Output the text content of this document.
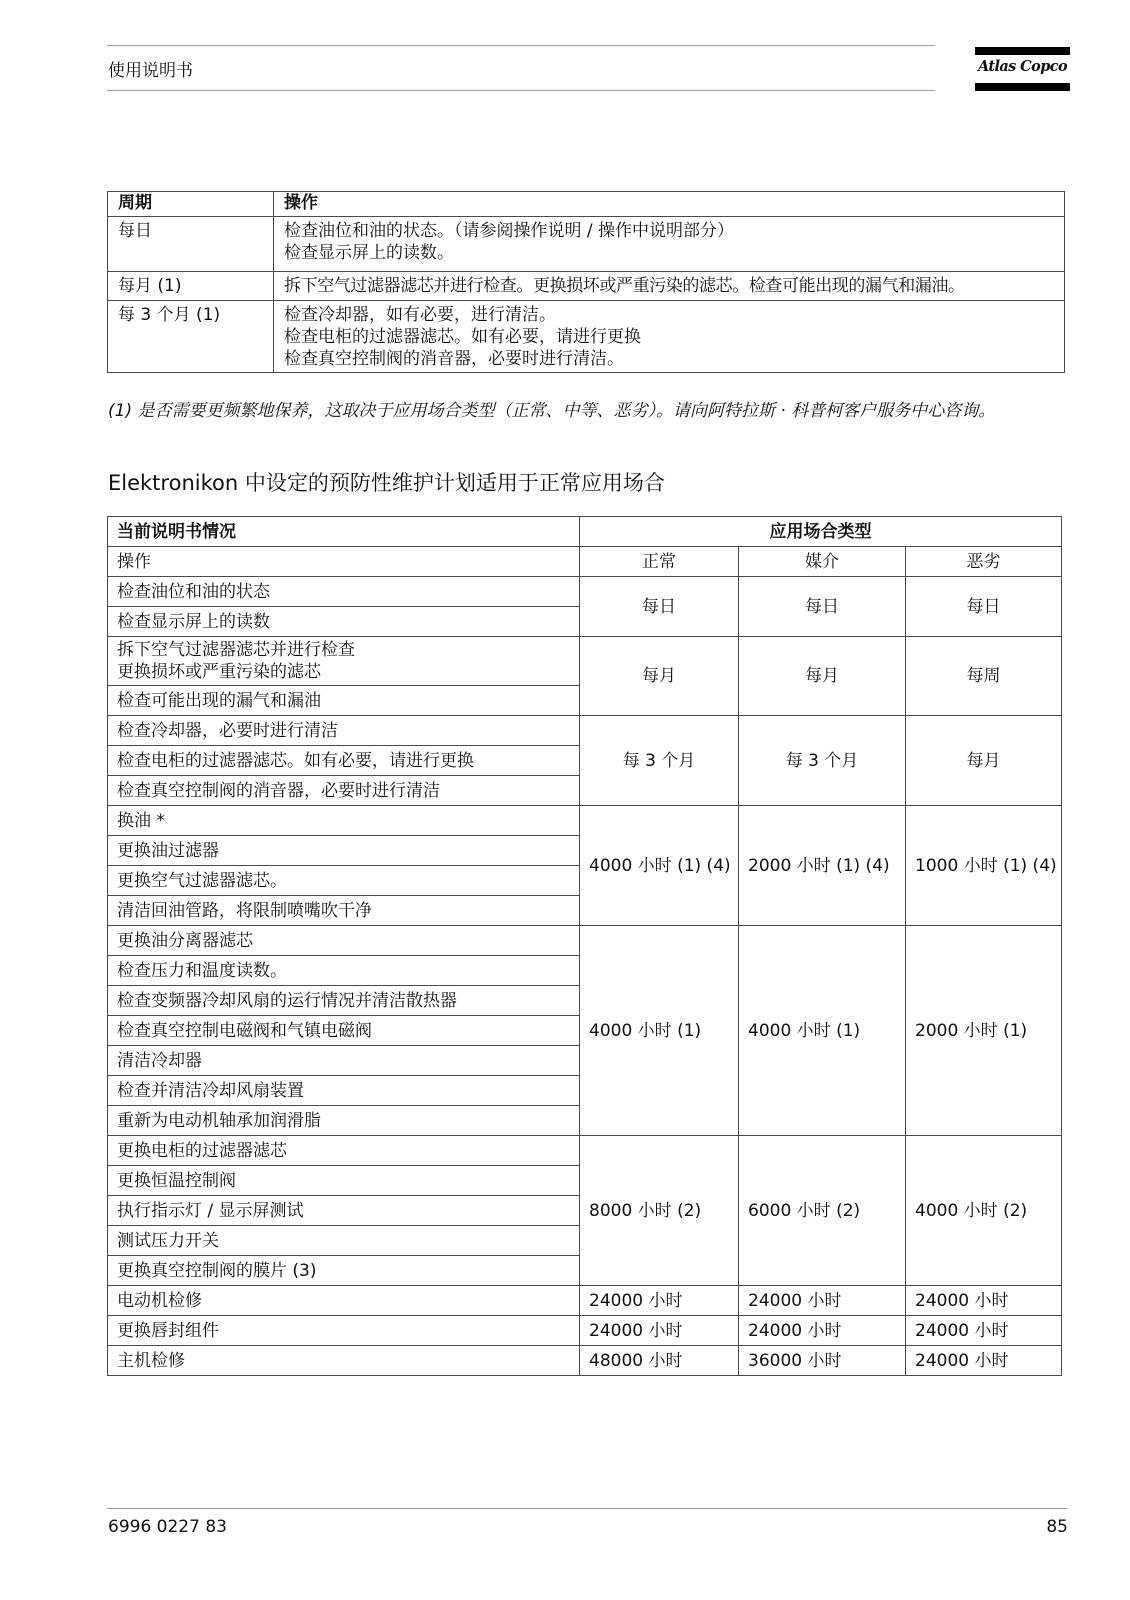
使用说明书	Atlas Copco
周期	操作
每日	检查油位和油的状态。（请参阅操作说明 / 操作中说明部分）
检查显示屏上的读数。

每月 (1)	拆下空气过滤器滤芯并进行检查。更换损坏或严重污染的滤芯。检查可能出现的漏气和漏油。

每 3 个月 (1)	检查冷却器，如有必要，进行清洁。
检查电柜的过滤器滤芯。如有必要，请进行更换
检查真空控制阀的消音器，必要时进行清洁。
(1) 是否需要更频繁地保养，这取决于应用场合类型（正常、中等、恶劣）。请向阿特拉斯 · 科普柯客户服务中心咨询。
Elektronikon 中设定的预防性维护计划适用于正常应用场合
当前说明书情况	应用场合类型		
操作	正常	媒介	恶劣
检查油位和油的状态	每日	每日	每日
检查显示屏上的读数			
拆下空气过滤器滤芯并进行检查
更换损坏或严重污染的滤芯	每月	每月	每周
检查可能出现的漏气和漏油			
检查冷却器，必要时进行清洁	每 3 个月	每 3 个月	每月
检查电柜的过滤器滤芯。如有必要，请进行更换			
检查真空控制阀的消音器，必要时进行清洁			
换油 *	4000 小时 (1) (4)	2000 小时 (1) (4)	1000 小时 (1) (4)
更换油过滤器			
更换空气过滤器滤芯。			
清洁回油管路，将限制喷嘴吹干净			
更换油分离器滤芯	4000 小时 (1)	4000 小时 (1)	2000 小时 (1)
检查压力和温度读数。			
检查变频器冷却风扇的运行情况并清洁散热器			
检查真空控制电磁阀和气镇电磁阀			
清洁冷却器			
检查并清洁冷却风扇装置			
重新为电动机轴承加润滑脂			
更换电柜的过滤器滤芯	8000 小时 (2)	6000 小时 (2)	4000 小时 (2)
更换恒温控制阀			
执行指示灯 / 显示屏测试			
测试压力开关			
更换真空控制阀的膜片 (3)			
电动机检修	24000 小时	24000 小时	24000 小时
更换唇封组件	24000 小时	24000 小时	24000 小时
主机检修	48000 小时	36000 小时	24000 小时
6996 0227 83	85
